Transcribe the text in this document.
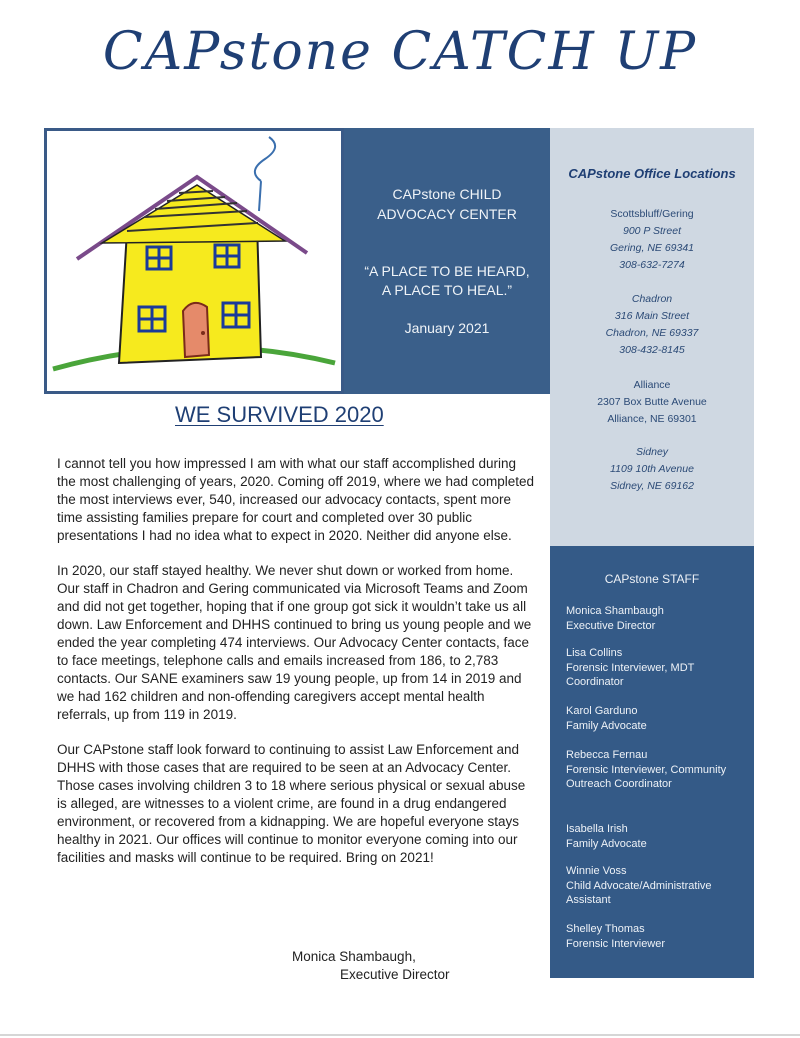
CAPstone CATCH UP
CAPstone CHILD
ADVOCACY CENTER
“A PLACE TO BE HEARD,
A PLACE TO HEAL.”
January 2021
CAPstone Office Locations
Scottsbluff/Gering
900 P Street
Gering, NE 69341
308-632-7274
Chadron
316 Main Street
Chadron, NE 69337
308-432-8145
Alliance
2307 Box Butte Avenue
Alliance, NE 69301
Sidney
1109 10th Avenue
Sidney, NE 69162
CAPstone STAFF
Monica Shambaugh
Executive Director
Lisa Collins
Forensic Interviewer, MDT Coordinator
Karol Garduno
Family Advocate
Rebecca Fernau
Forensic Interviewer, Community Outreach Coordinator
Isabella Irish
Family Advocate
Winnie Voss
Child Advocate/Administrative Assistant
Shelley Thomas
Forensic Interviewer
WE SURVIVED 2020

I cannot tell you how impressed I am with what our staff accomplished during the most challenging of years, 2020. Coming off 2019, where we had completed the most interviews ever, 540, increased our advocacy contacts, spent more time assisting families prepare for court and completed over 30 public presentations I had no idea what to expect in 2020. Neither did anyone else.

In 2020, our staff stayed healthy. We never shut down or worked from home. Our staff in Chadron and Gering communicated via Microsoft Teams and Zoom and did not get together, hoping that if one group got sick it wouldn’t take us all down. Law Enforcement and DHHS continued to bring us young people and we ended the year completing 474 interviews. Our Advocacy Center contacts, face to face meetings, telephone calls and emails increased from 186, to 2,783 contacts. Our SANE examiners saw 19 young people, up from 14 in 2019 and we had 162 children and non-offending caregivers accept mental health referrals, up from 119 in 2019.

Our CAPstone staff look forward to continuing to assist Law Enforcement and DHHS with those cases that are required to be seen at an Advocacy Center. Those cases involving children 3 to 18 where serious physical or sexual abuse is alleged, are witnesses to a violent crime, are found in a drug endangered environment, or recovered from a kidnapping. We are hopeful everyone stays healthy in 2021. Our offices will continue to monitor everyone coming into our facilities and masks will continue to be required. Bring on 2021!

Monica Shambaugh,
Executive Director
